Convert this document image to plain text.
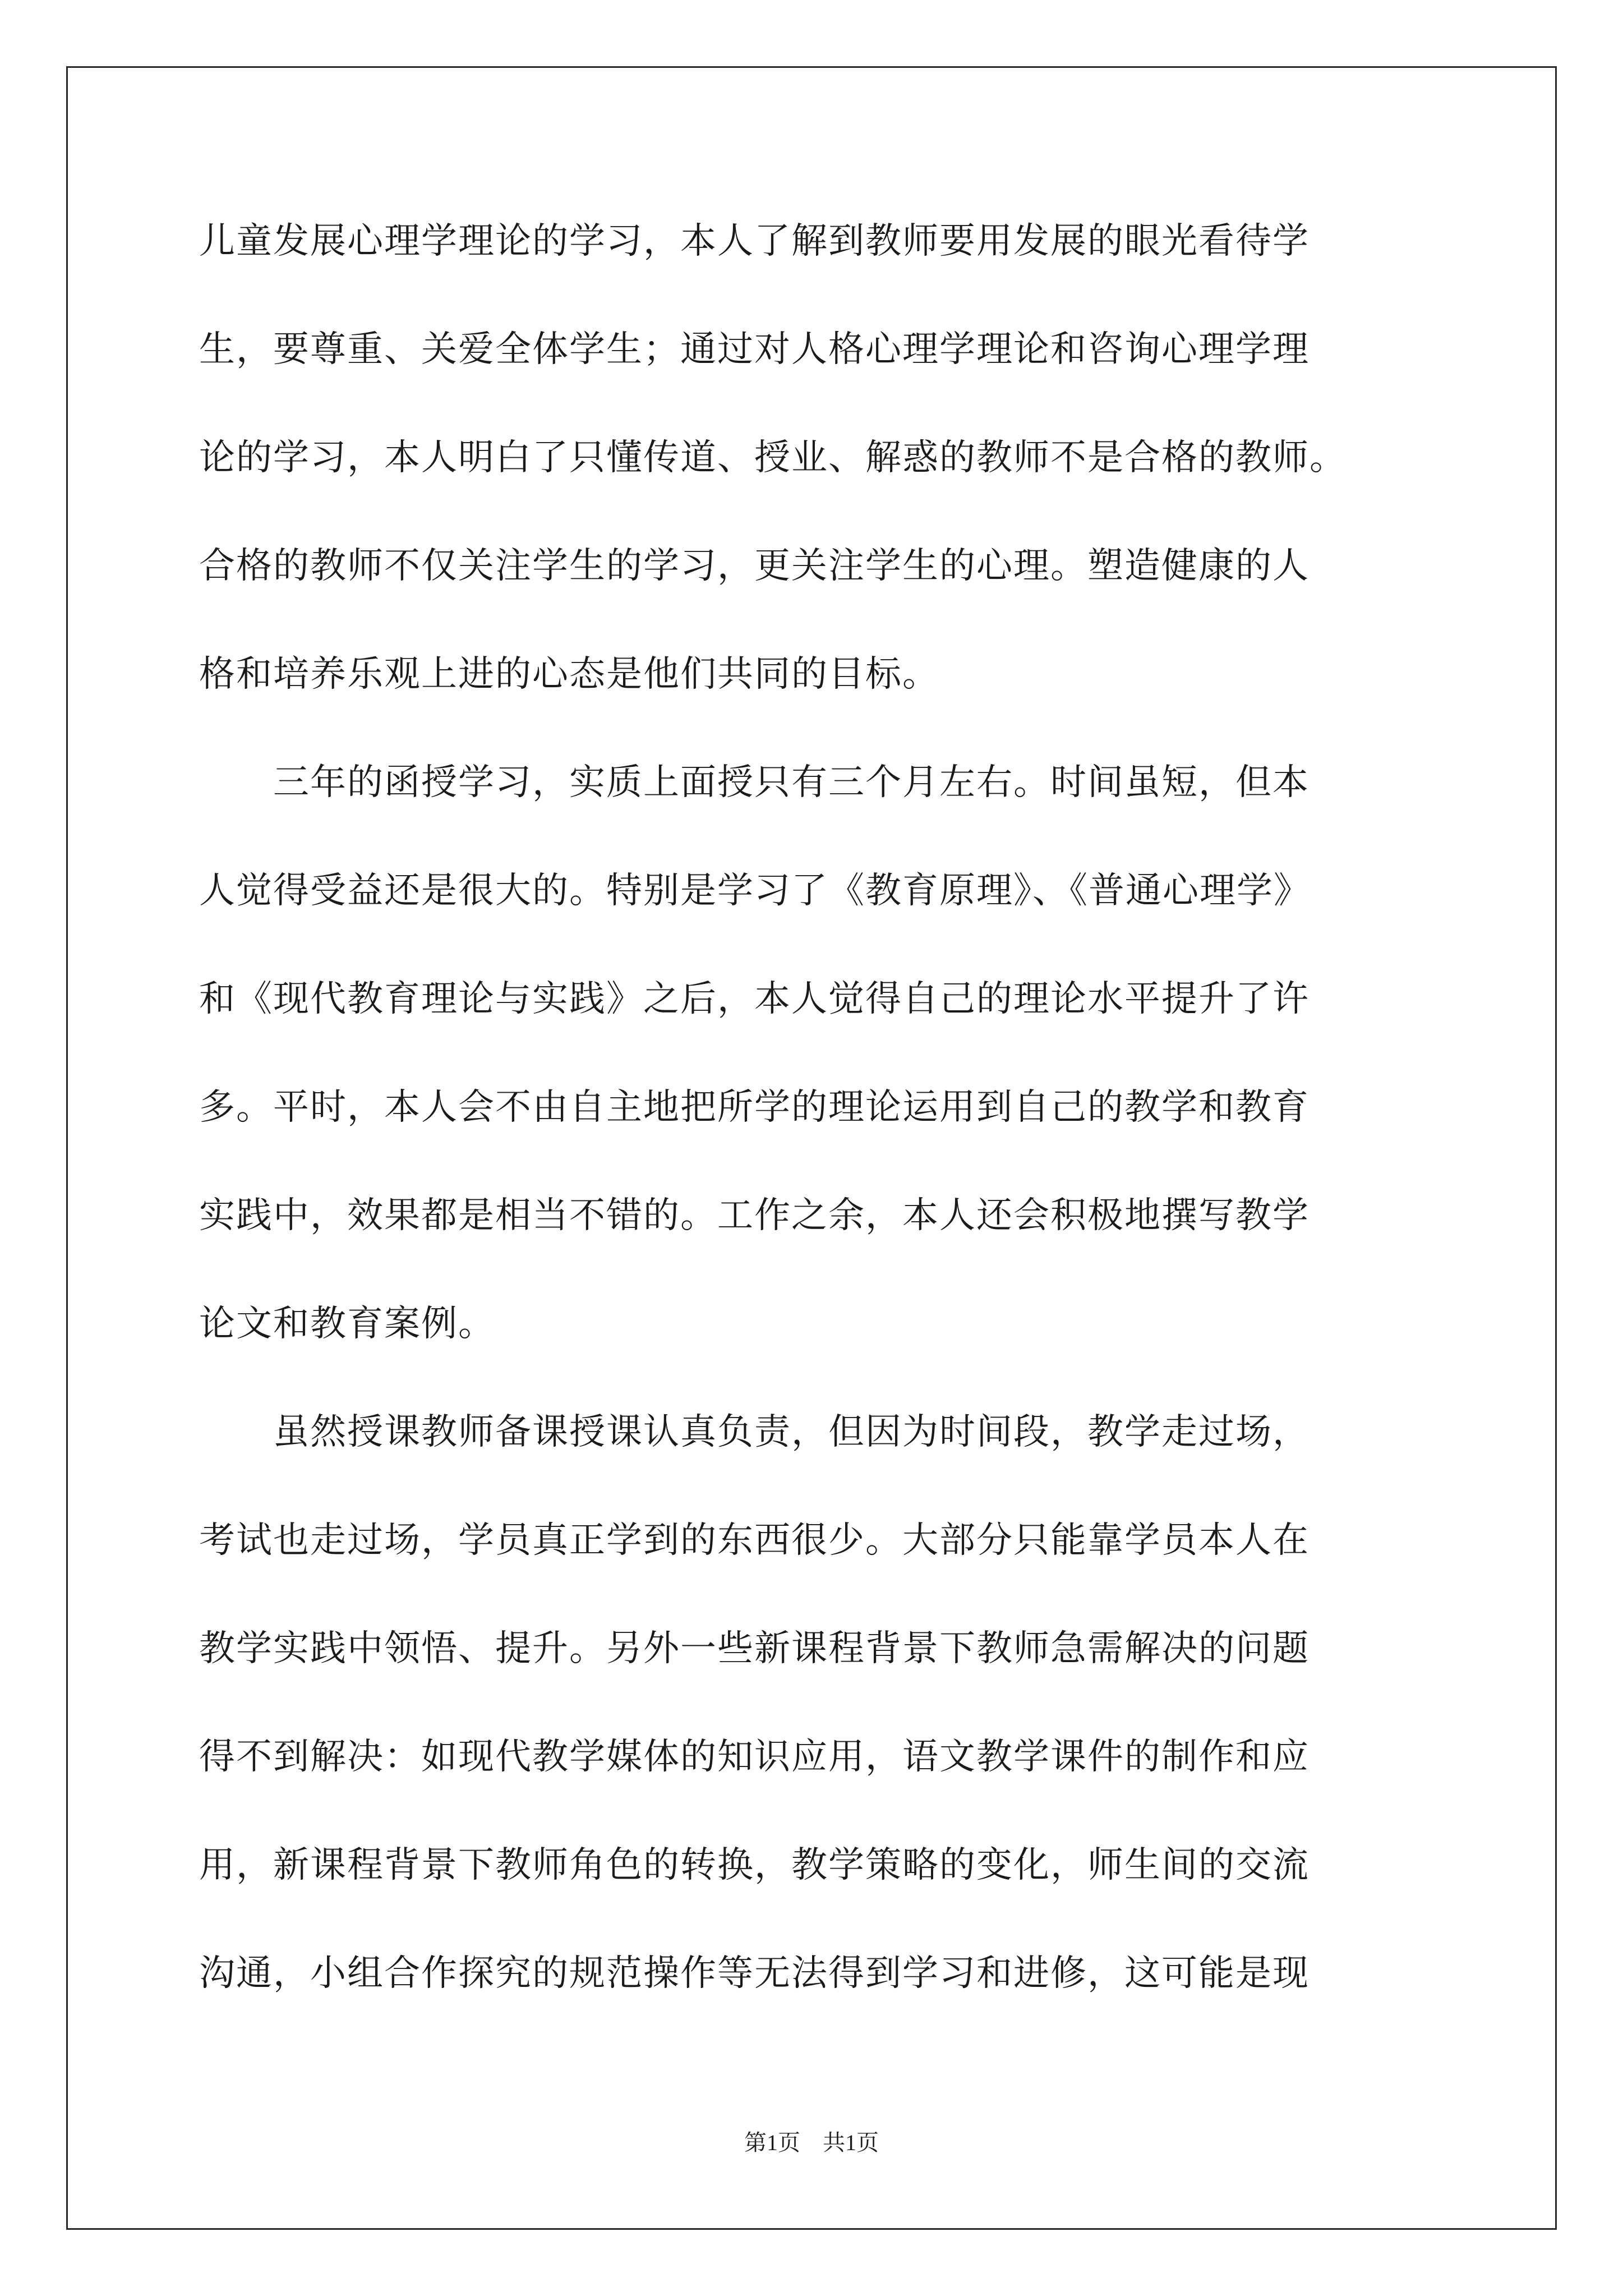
儿童发展心理学理论的学习，本人了解到教师要用发展的眼光看待学
生，要尊重、关爱全体学生；通过对人格心理学理论和咨询心理学理
论的学习，本人明白了只懂传道、授业、解惑的教师不是合格的教师。
合格的教师不仅关注学生的学习，更关注学生的心理。塑造健康的人
格和培养乐观上进的心态是他们共同的目标。
　　三年的函授学习，实质上面授只有三个月左右。时间虽短，但本
人觉得受益还是很大的。特别是学习了《教育原理》、《普通心理学》
和《现代教育理论与实践》之后，本人觉得自己的理论水平提升了许
多。平时，本人会不由自主地把所学的理论运用到自己的教学和教育
实践中，效果都是相当不错的。工作之余，本人还会积极地撰写教学
论文和教育案例。
　　虽然授课教师备课授课认真负责，但因为时间段，教学走过场，
考试也走过场，学员真正学到的东西很少。大部分只能靠学员本人在
教学实践中领悟、提升。另外一些新课程背景下教师急需解决的问题
得不到解决：如现代教学媒体的知识应用，语文教学课件的制作和应
用，新课程背景下教师角色的转换，教学策略的变化，师生间的交流
沟通，小组合作探究的规范操作等无法得到学习和进修，这可能是现
第1页 共1页
